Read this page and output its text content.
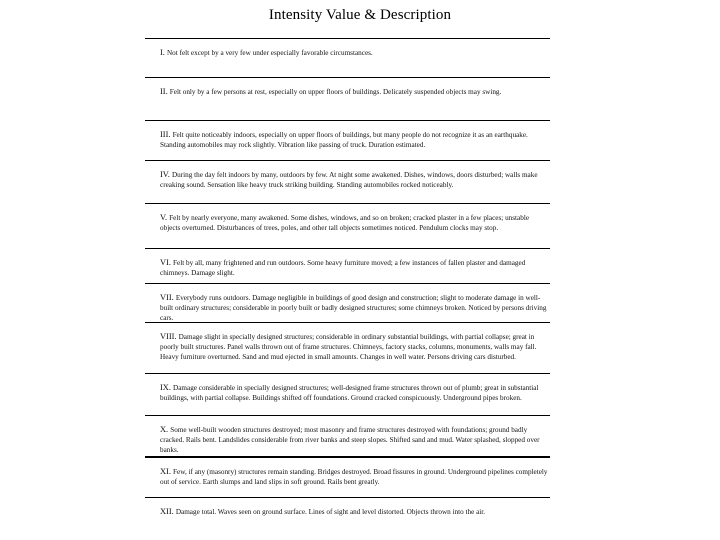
Intensity Value & Description
I. Not felt except by a very few under especially favorable circumstances.
II. Felt only by a few persons at rest, especially on upper floors of buildings. Delicately suspended objects may swing.
III. Felt quite noticeably indoors, especially on upper floors of buildings, but many people do not recognize it as an earthquake. Standing automobiles may rock slightly. Vibration like passing of truck. Duration estimated.
IV. During the day felt indoors by many, outdoors by few. At night some awakened. Dishes, windows, doors disturbed; walls make creaking sound. Sensation like heavy truck striking building. Standing automobiles rocked noticeably.
V. Felt by nearly everyone, many awakened. Some dishes, windows, and so on broken; cracked plaster in a few places; unstable objects overturned. Disturbances of trees, poles, and other tall objects sometimes noticed. Pendulum clocks may stop.
VI. Felt by all, many frightened and run outdoors. Some heavy furniture moved; a few instances of fallen plaster and damaged chimneys. Damage slight.
VII. Everybody runs outdoors. Damage negligible in buildings of good design and construction; slight to moderate damage in well-built ordinary structures; considerable in poorly built or badly designed structures; some chimneys broken. Noticed by persons driving cars.
VIII. Damage slight in specially designed structures; considerable in ordinary substantial buildings, with partial collapse; great in poorly built structures. Panel walls thrown out of frame structures. Chimneys, factory stacks, columns, monuments, walls may fall. Heavy furniture overturned. Sand and mud ejected in small amounts. Changes in well water. Persons driving cars disturbed.
IX. Damage considerable in specially designed structures; well-designed frame structures thrown out of plumb; great in substantial buildings, with partial collapse. Buildings shifted off foundations. Ground cracked conspicuously. Underground pipes broken.
X. Some well-built wooden structures destroyed; most masonry and frame structures destroyed with foundations; ground badly cracked. Rails bent. Landslides considerable from river banks and steep slopes. Shifted sand and mud. Water splashed, slopped over banks.
XI. Few, if any (masonry) structures remain standing. Bridges destroyed. Broad fissures in ground. Underground pipelines completely out of service. Earth slumps and land slips in soft ground. Rails bent greatly.
XII. Damage total. Waves seen on ground surface. Lines of sight and level distorted. Objects thrown into the air.
